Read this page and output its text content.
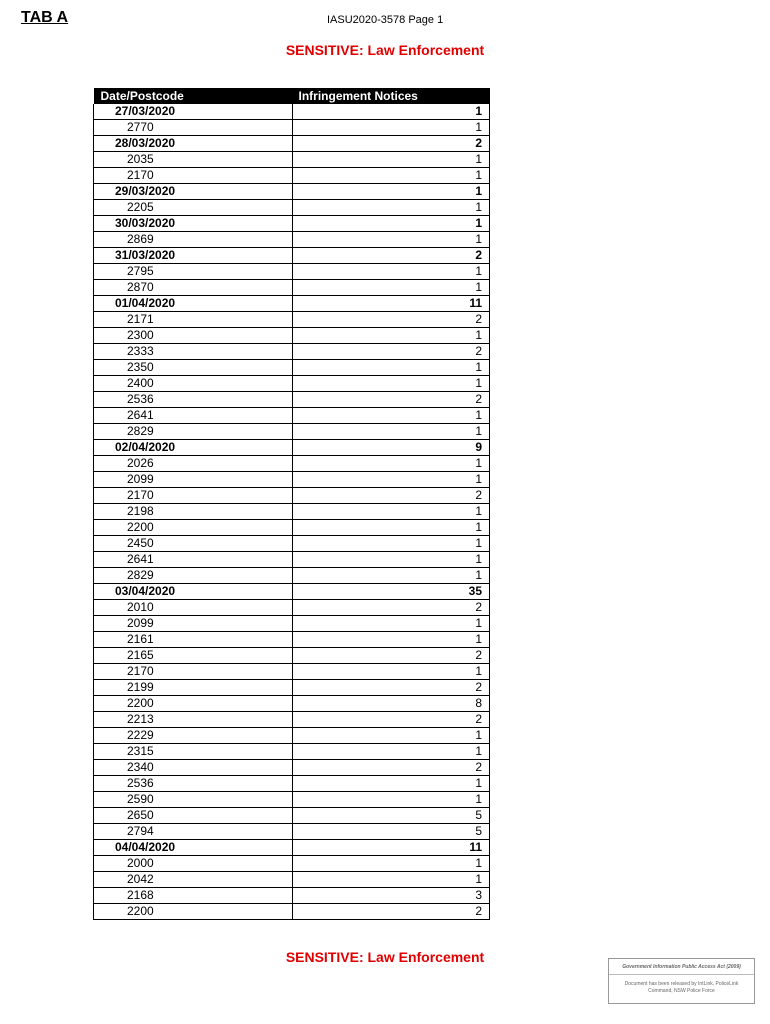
TAB A	IASU2020-3578 Page 1
SENSITIVE: Law Enforcement
Date/Postcode	Infringement Notices
27/03/2020	1
2770	1
28/03/2020	2
2035	1
2170	1
29/03/2020	1
2205	1
30/03/2020	1
2869	1
31/03/2020	2
2795	1
2870	1
01/04/2020	11
2171	2
2300	1
2333	2
2350	1
2400	1
2536	2
2641	1
2829	1
02/04/2020	9
2026	1
2099	1
2170	2
2198	1
2200	1
2450	1
2641	1
2829	1
03/04/2020	35
2010	2
2099	1
2161	1
2165	2
2170	1
2199	2
2200	8
2213	2
2229	1
2315	1
2340	2
2536	1
2590	1
2650	5
2794	5
04/04/2020	11
2000	1
2042	1
2168	3
2200	2
SENSITIVE: Law Enforcement
Government Information Public Access Act (2009)
Document has been released by IntLink, PoliceLink Command, NSW Police Force
